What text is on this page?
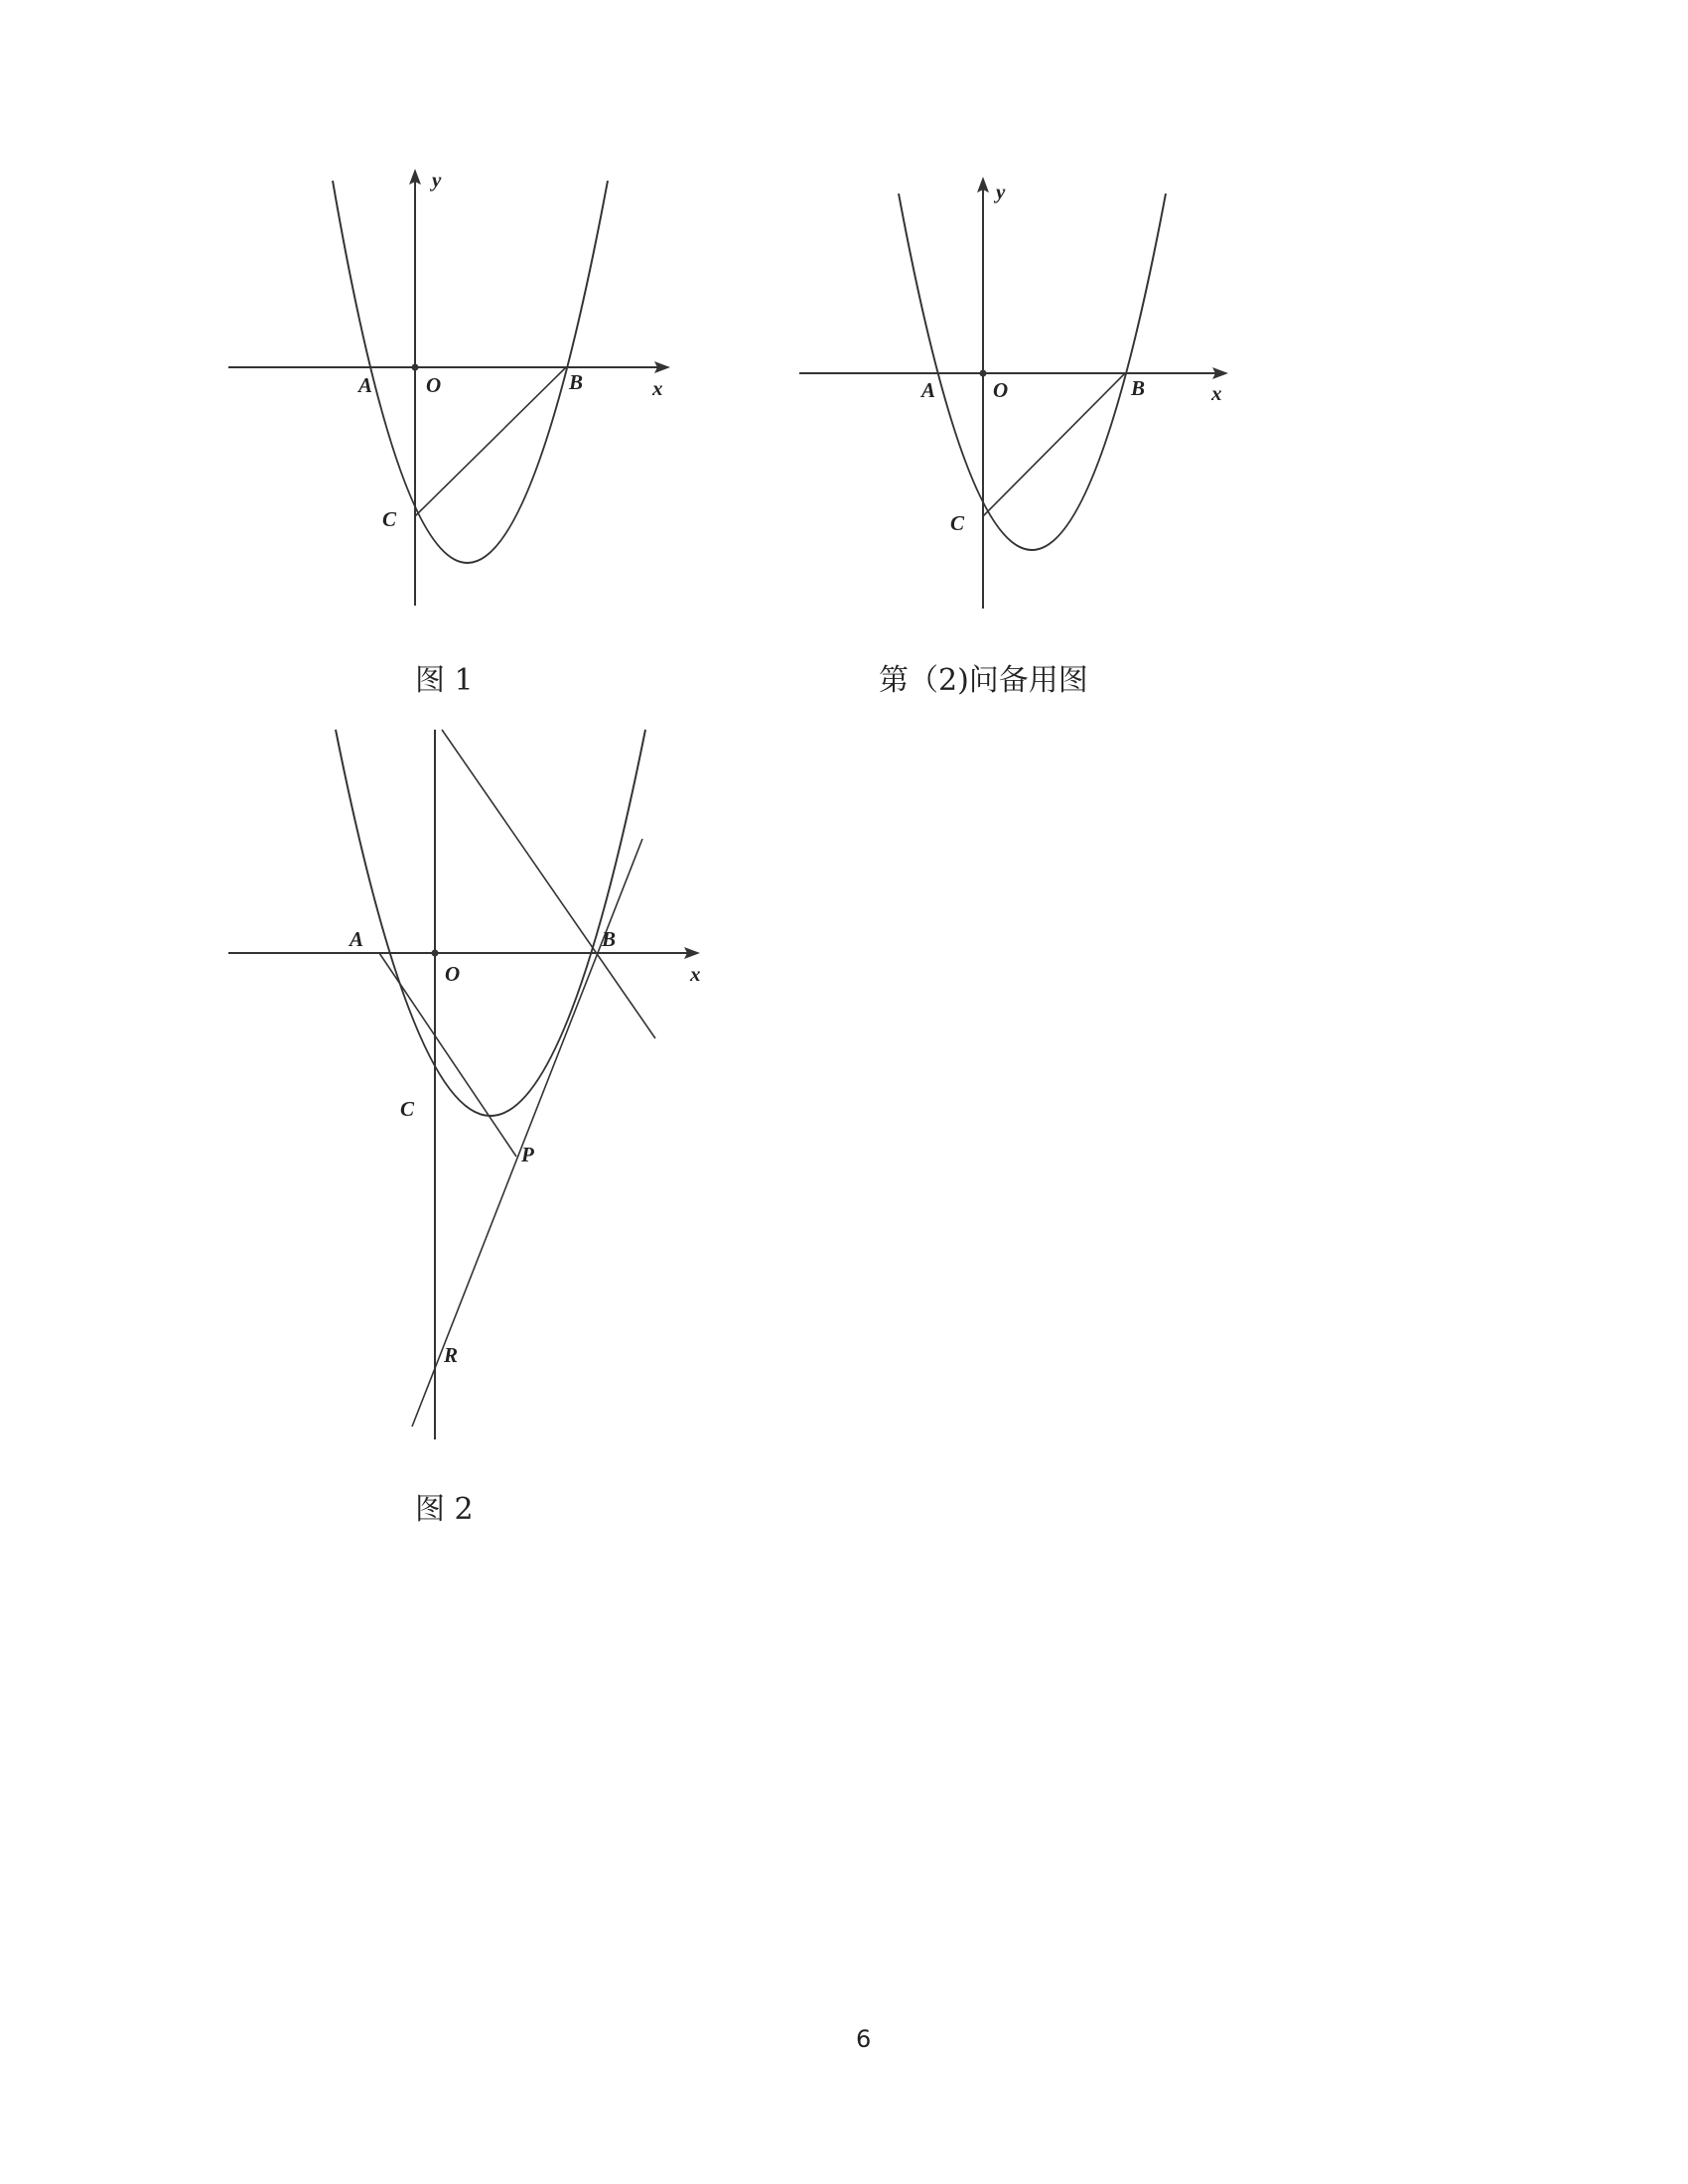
y
A	O	B	x
C
图 1
y
A	O	B	x
C
第（2)问备用图
A
O
B
x
C
P
R
图 2
6
